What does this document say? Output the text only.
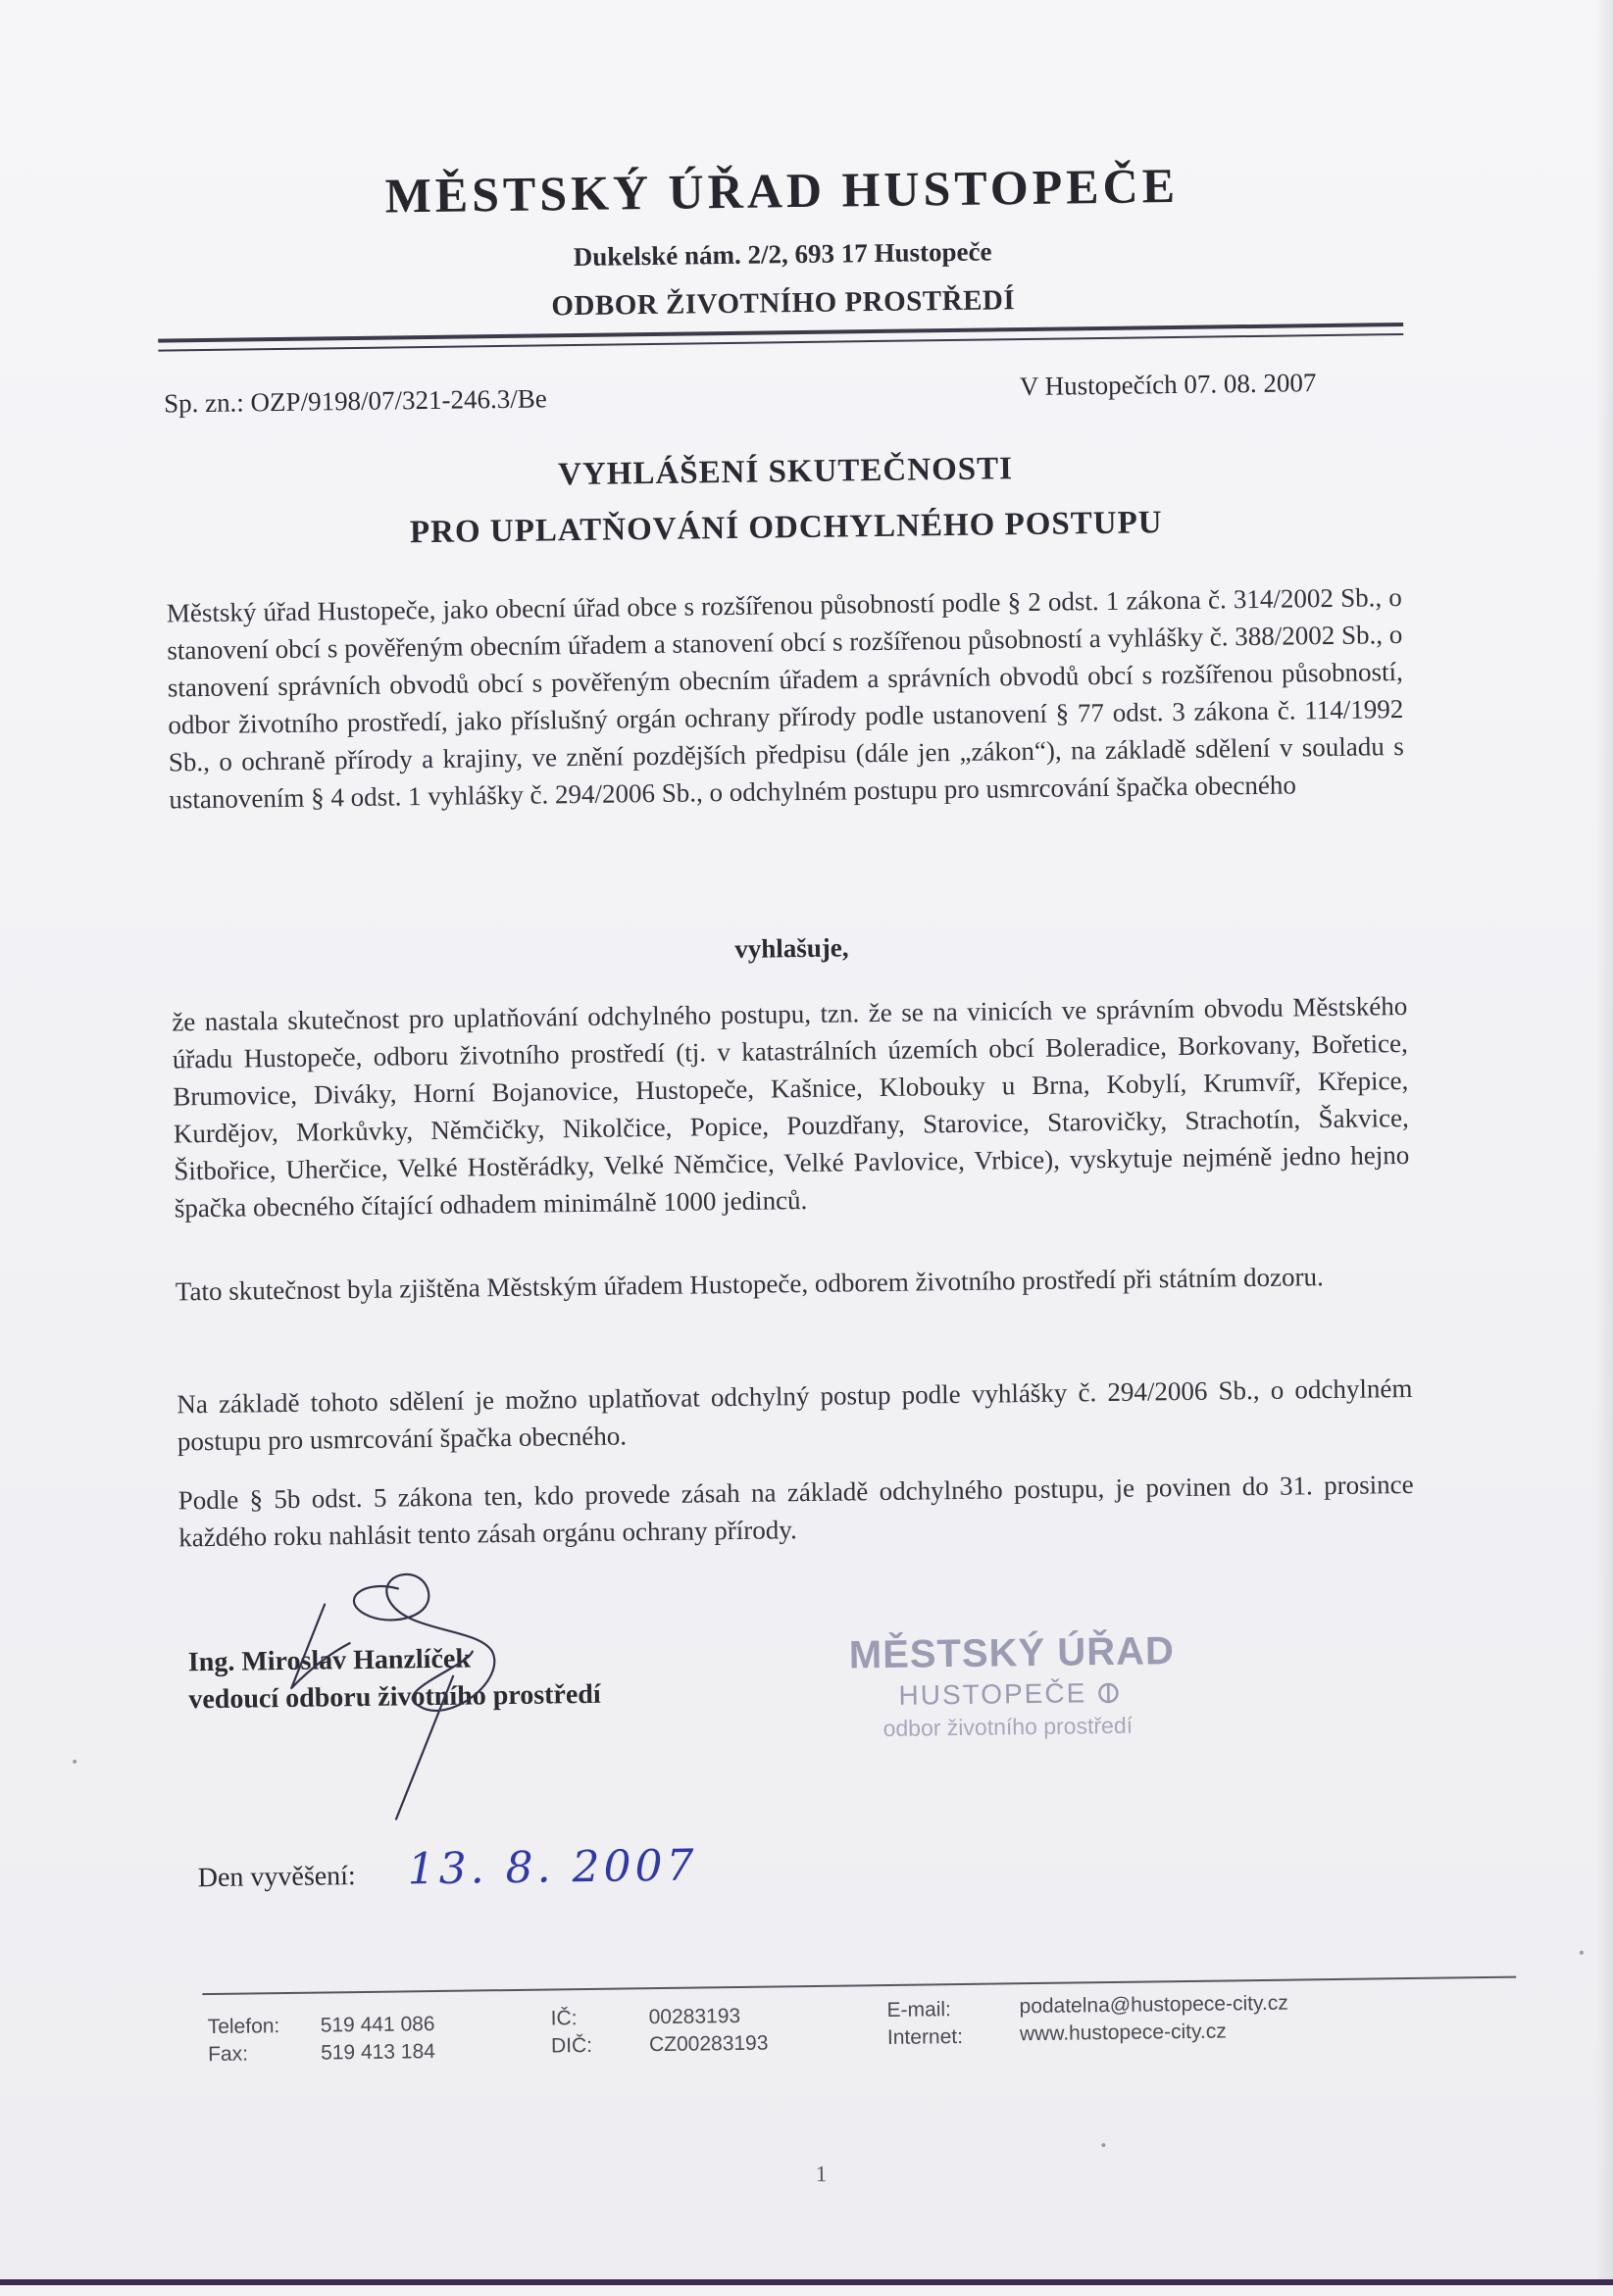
MĚSTSKÝ ÚŘAD HUSTOPEČE
Dukelské nám. 2/2, 693 17 Hustopeče
ODBOR ŽIVOTNÍHO PROSTŘEDÍ
Sp. zn.: OZP/9198/07/321-246.3/Be	V Hustopečích 07. 08. 2007
VYHLÁŠENÍ SKUTEČNOSTI
PRO UPLATŇOVÁNÍ ODCHYLNÉHO POSTUPU
Městský úřad Hustopeče, jako obecní úřad obce s rozšířenou působností podle § 2 odst. 1 zákona č. 314/2002 Sb., o stanovení obcí s pověřeným obecním úřadem a stanovení obcí s rozšířenou působností a vyhlášky č. 388/2002 Sb., o stanovení správních obvodů obcí s pověřeným obecním úřadem a správních obvodů obcí s rozšířenou působností, odbor životního prostředí, jako příslušný orgán ochrany přírody podle ustanovení § 77 odst. 3 zákona č. 114/1992 Sb., o ochraně přírody a krajiny, ve znění pozdějších předpisu (dále jen „zákon“), na základě sdělení v souladu s ustanovením § 4 odst. 1 vyhlášky č. 294/2006 Sb., o odchylném postupu pro usmrcování špačka obecného
vyhlašuje,
že nastala skutečnost pro uplatňování odchylného postupu, tzn. že se na vinicích ve správním obvodu Městského úřadu Hustopeče, odboru životního prostředí (tj. v katastrálních územích obcí Boleradice, Borkovany, Bořetice, Brumovice, Diváky, Horní Bojanovice, Hustopeče, Kašnice, Klobouky u Brna, Kobylí, Krumvíř, Křepice, Kurdějov, Morkůvky, Němčičky, Nikolčice, Popice, Pouzdřany, Starovice, Starovičky, Strachotín, Šakvice, Šitbořice, Uherčice, Velké Hostěrádky, Velké Němčice, Velké Pavlovice, Vrbice), vyskytuje nejméně jedno hejno špačka obecného čítající odhadem minimálně 1000 jedinců.
Tato skutečnost byla zjištěna Městským úřadem Hustopeče, odborem životního prostředí při státním dozoru.
Na základě tohoto sdělení je možno uplatňovat odchylný postup podle vyhlášky č. 294/2006 Sb., o odchylném postupu pro usmrcování špačka obecného.
Podle § 5b odst. 5 zákona ten, kdo provede zásah na základě odchylného postupu, je povinen do 31. prosince každého roku nahlásit tento zásah orgánu ochrany přírody.
Ing. Miroslav Hanzlíček
vedoucí odboru životního prostředí
MĚSTSKÝ ÚŘAD
HUSTOPEČE
odbor životního prostředí
Den vyvěšení: 13. 8. 2007
Telefon: 519 441 086
Fax:	519 413 184
IČ:	00283193
DIČ:	CZ00283193
E-mail:	podatelna@hustopece-city.cz
Internet:	www.hustopece-city.cz
1
